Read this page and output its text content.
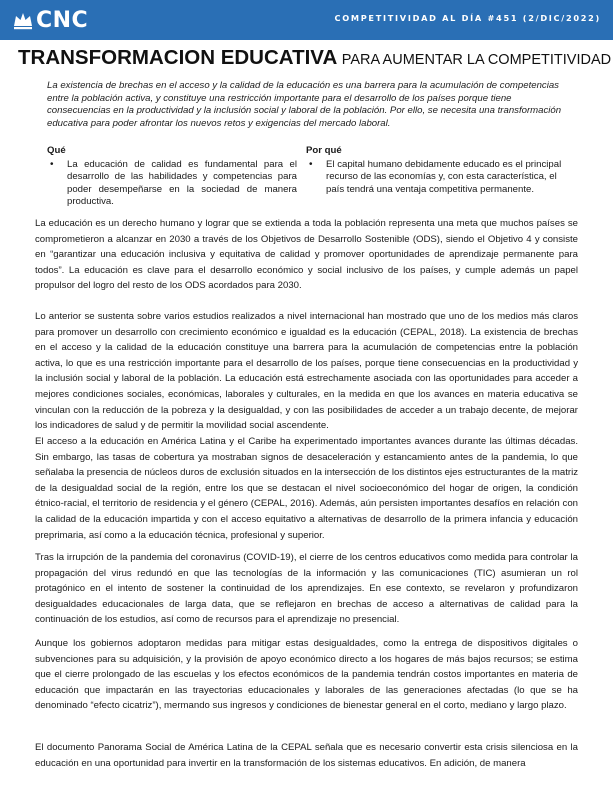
CNC	COMPETITIVIDAD AL DÍA #451 (2/DIC/2022)
TRANSFORMACION EDUCATIVA PARA AUMENTAR LA COMPETITIVIDAD

La existencia de brechas en el acceso y la calidad de la educación es una barrera para la acumulación de competencias entre la población activa, y constituye una restricción importante para el desarrollo de los países porque tiene consecuencias en la productividad y la inclusión social y laboral de la población. Por ello, se necesita una transformación educativa para poder afrontar los nuevos retos y exigencias del mercado laboral.

Qué

• La educación de calidad es fundamental para el desarrollo de las habilidades y competencias para poder desempeñarse en la sociedad de manera productiva.

Por qué

• El capital humano debidamente educado es el principal recurso de las economías y, con esta característica, el país tendrá una ventaja competitiva permanente.

La educación es un derecho humano y lograr que se extienda a toda la población representa una meta que muchos países se comprometieron a alcanzar en 2030 a través de los Objetivos de Desarrollo Sostenible (ODS), siendo el Objetivo 4 y consiste en “garantizar una educación inclusiva y equitativa de calidad y promover oportunidades de aprendizaje permanente para todos”. La educación es clave para el desarrollo económico y social inclusivo de los países, y cumple además un papel propulsor del logro del resto de los ODS acordados para 2030.

Lo anterior se sustenta sobre varios estudios realizados a nivel internacional han mostrado que uno de los medios más claros para promover un desarrollo con crecimiento económico e igualdad es la educación (CEPAL, 2018). La existencia de brechas en el acceso y la calidad de la educación constituye una barrera para la acumulación de competencias entre la población activa, lo que es una restricción importante para el desarrollo de los países, porque tiene consecuencias en la productividad y la inclusión social y laboral de la población. La educación está estrechamente asociada con las oportunidades para acceder a mejores condiciones sociales, económicas, laborales y culturales, en la medida en que los avances en materia educativa se vinculan con la reducción de la pobreza y la desigualdad, y con las posibilidades de acceder a un trabajo decente, de mejorar los indicadores de salud y de permitir la movilidad social ascendente.

El acceso a la educación en América Latina y el Caribe ha experimentado importantes avances durante las últimas décadas. Sin embargo, las tasas de cobertura ya mostraban signos de desaceleración y estancamiento antes de la pandemia, lo que señalaba la presencia de núcleos duros de exclusión situados en la intersección de los distintos ejes estructurantes de la matriz de la desigualdad social de la región, entre los que se destacan el nivel socioeconómico del hogar de origen, la condición étnico-racial, el territorio de residencia y el género (CEPAL, 2016). Además, aún persisten importantes desafíos en relación con la calidad de la educación impartida y con el acceso equitativo a alternativas de desarrollo de la primera infancia y educación preprimaria, así como a la educación técnica, profesional y superior.

Tras la irrupción de la pandemia del coronavirus (COVID-19), el cierre de los centros educativos como medida para controlar la propagación del virus redundó en que las tecnologías de la información y las comunicaciones (TIC) asumieran un rol protagónico en el intento de sostener la continuidad de los aprendizajes. En ese contexto, se revelaron y profundizaron desigualdades educacionales de larga data, que se reflejaron en brechas de acceso a alternativas de calidad para la continuación de los estudios, así como de recursos para el aprendizaje no presencial.

Aunque los gobiernos adoptaron medidas para mitigar estas desigualdades, como la entrega de dispositivos digitales o subvenciones para su adquisición, y la provisión de apoyo económico directo a los hogares de más bajos recursos; se estima que el cierre prolongado de las escuelas y los efectos económicos de la pandemia tendrán costos importantes en materia de educación que impactarán en las trayectorias educacionales y laborales de las generaciones afectadas (lo que se ha denominado “efecto cicatriz”), mermando sus ingresos y condiciones de bienestar general en el corto, mediano y largo plazo.

El documento Panorama Social de América Latina de la CEPAL señala que es necesario convertir esta crisis silenciosa en la educación en una oportunidad para invertir en la transformación de los sistemas educativos. En adición, de manera
